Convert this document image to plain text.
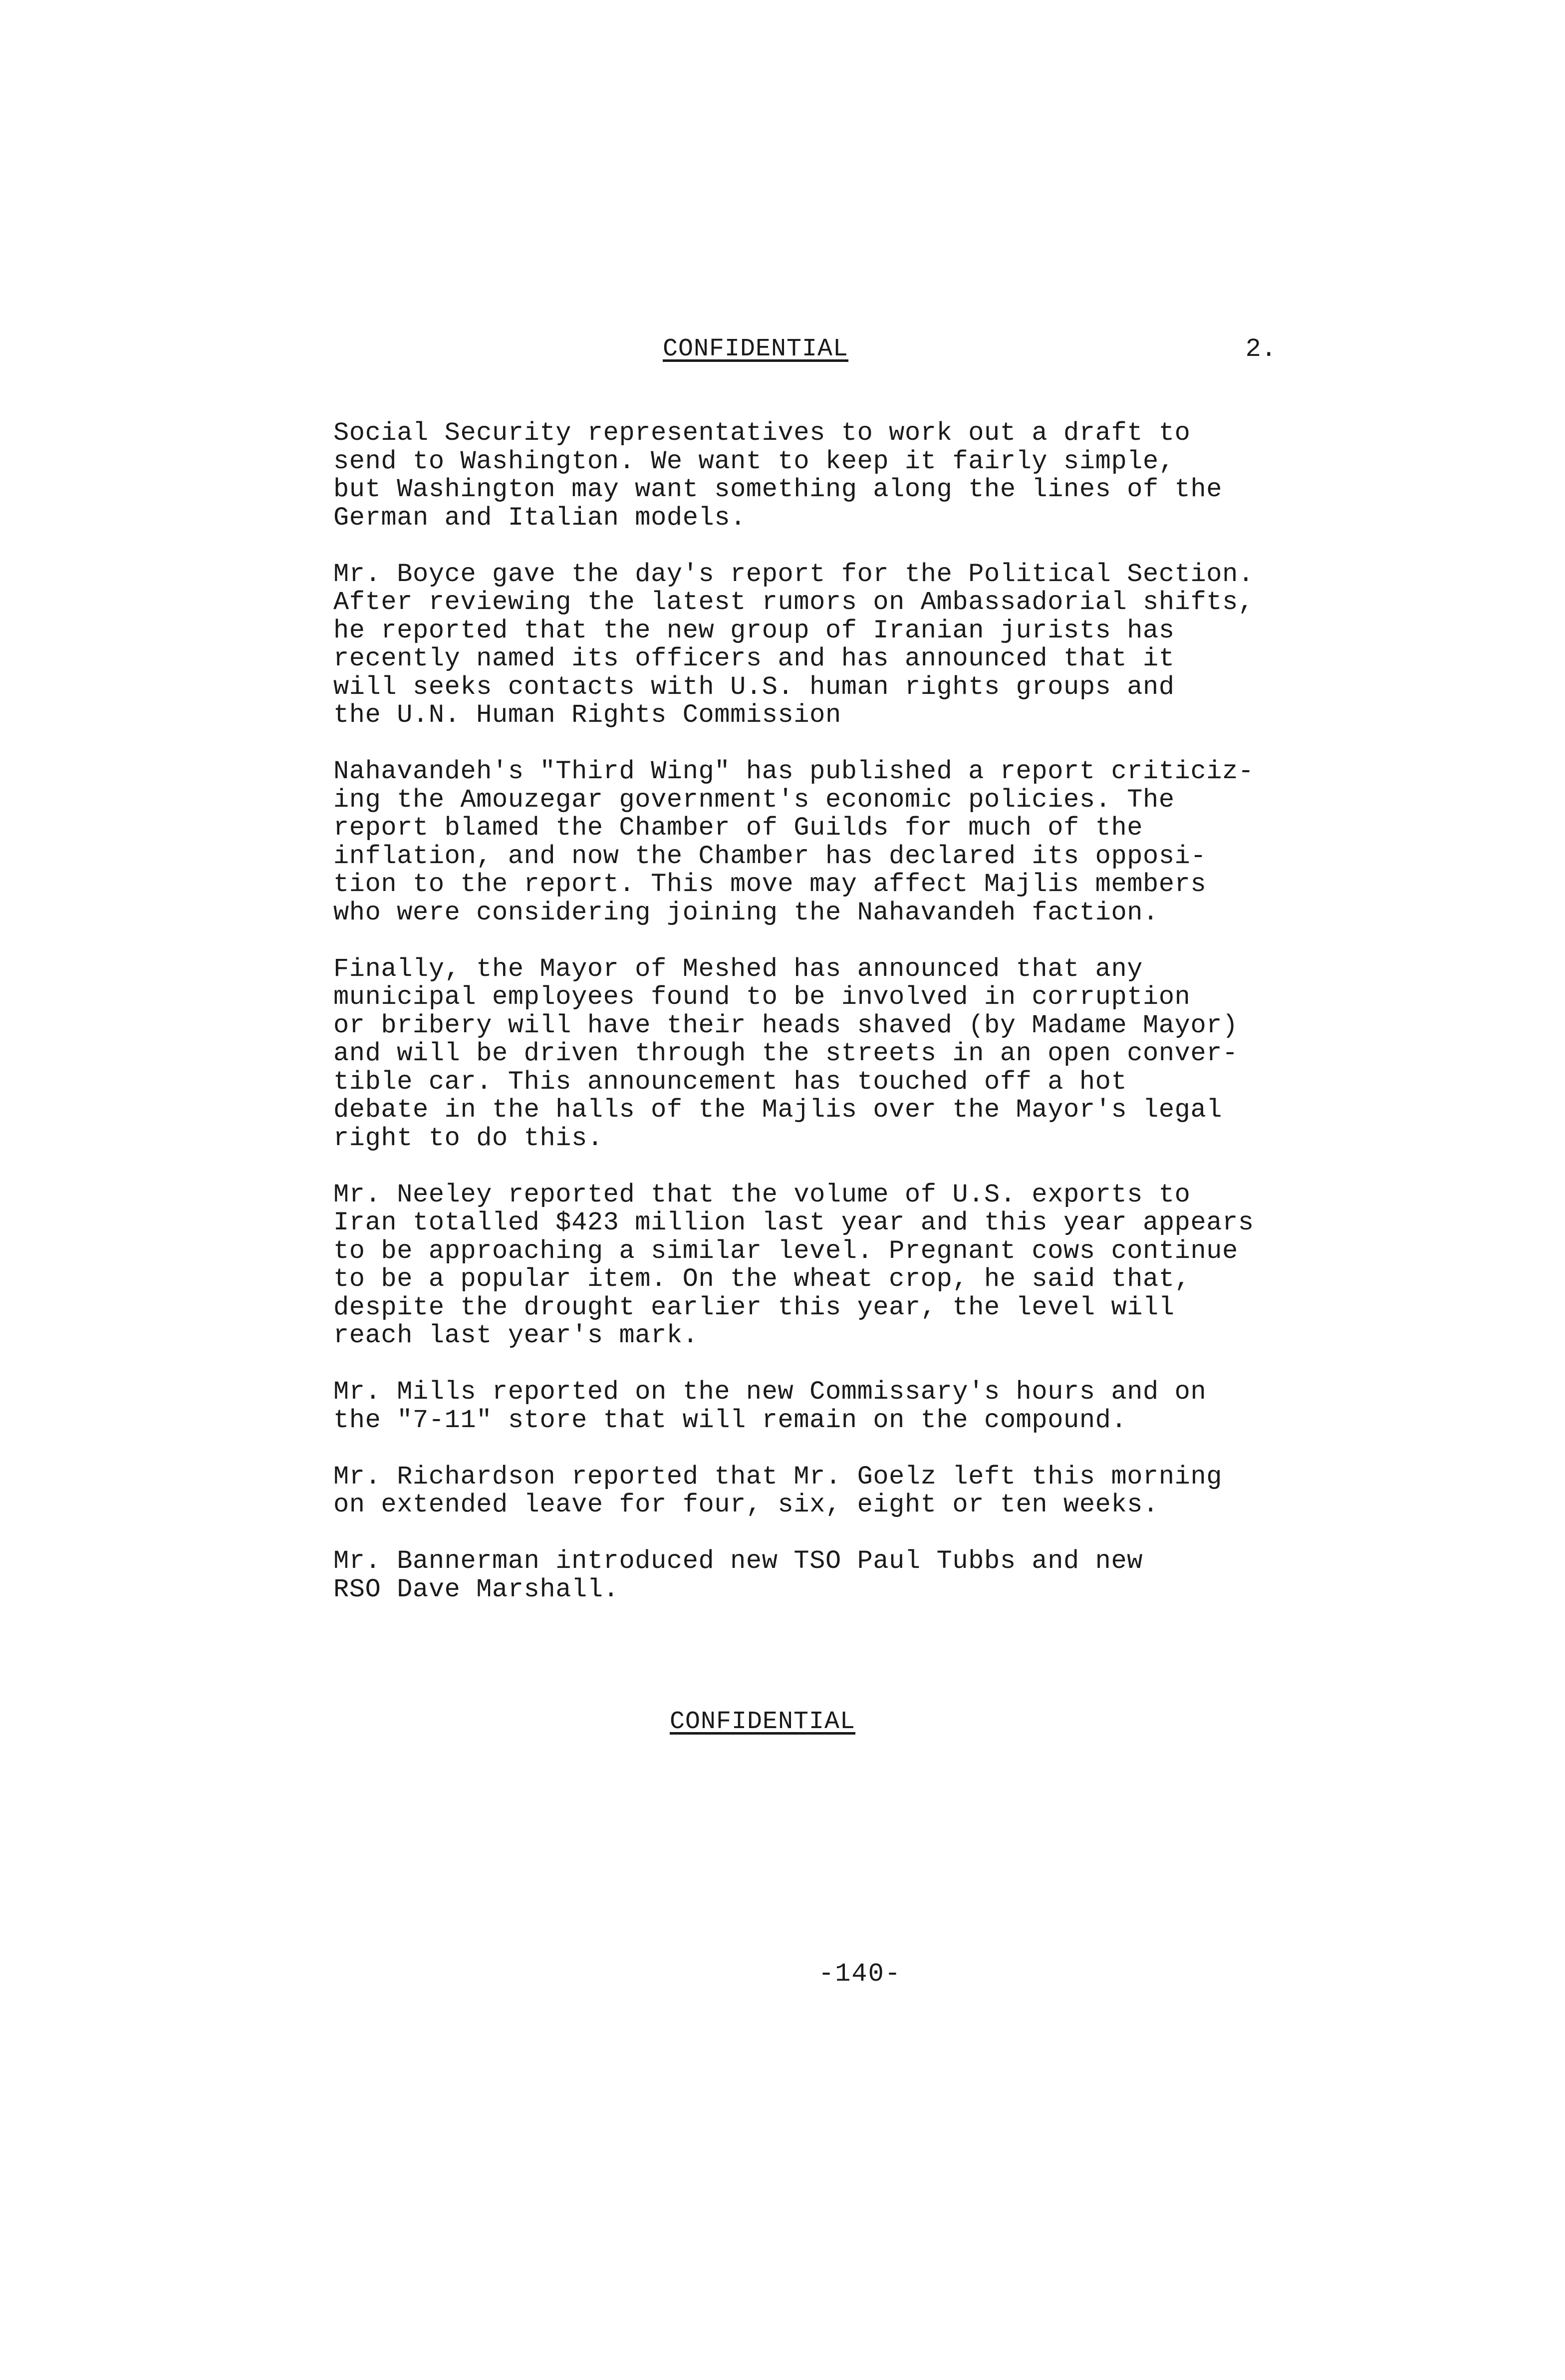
CONFIDENTIAL	2.

Social Security representatives to work out a draft to
send to Washington. We want to keep it fairly simple,
but Washington may want something along the lines of the
German and Italian models.

Mr. Boyce gave the day's report for the Political Section.
After reviewing the latest rumors on Ambassadorial shifts,
he reported that the new group of Iranian jurists has
recently named its officers and has announced that it
will seeks contacts with U.S. human rights groups and
the U.N. Human Rights Commission

Nahavandeh's "Third Wing" has published a report criticiz-
ing the Amouzegar government's economic policies. The
report blamed the Chamber of Guilds for much of the
inflation, and now the Chamber has declared its opposi-
tion to the report. This move may affect Majlis members
who were considering joining the Nahavandeh faction.

Finally, the Mayor of Meshed has announced that any
municipal employees found to be involved in corruption
or bribery will have their heads shaved (by Madame Mayor)
and will be driven through the streets in an open conver-
tible car. This announcement has touched off a hot
debate in the halls of the Majlis over the Mayor's legal
right to do this.

Mr. Neeley reported that the volume of U.S. exports to
Iran totalled $423 million last year and this year appears
to be approaching a similar level. Pregnant cows continue
to be a popular item. On the wheat crop, he said that,
despite the drought earlier this year, the level will
reach last year's mark.

Mr. Mills reported on the new Commissary's hours and on
the "7-11" store that will remain on the compound.

Mr. Richardson reported that Mr. Goelz left this morning
on extended leave for four, six, eight or ten weeks.

Mr. Bannerman introduced new TSO Paul Tubbs and new
RSO Dave Marshall.

CONFIDENTIAL
-140-
